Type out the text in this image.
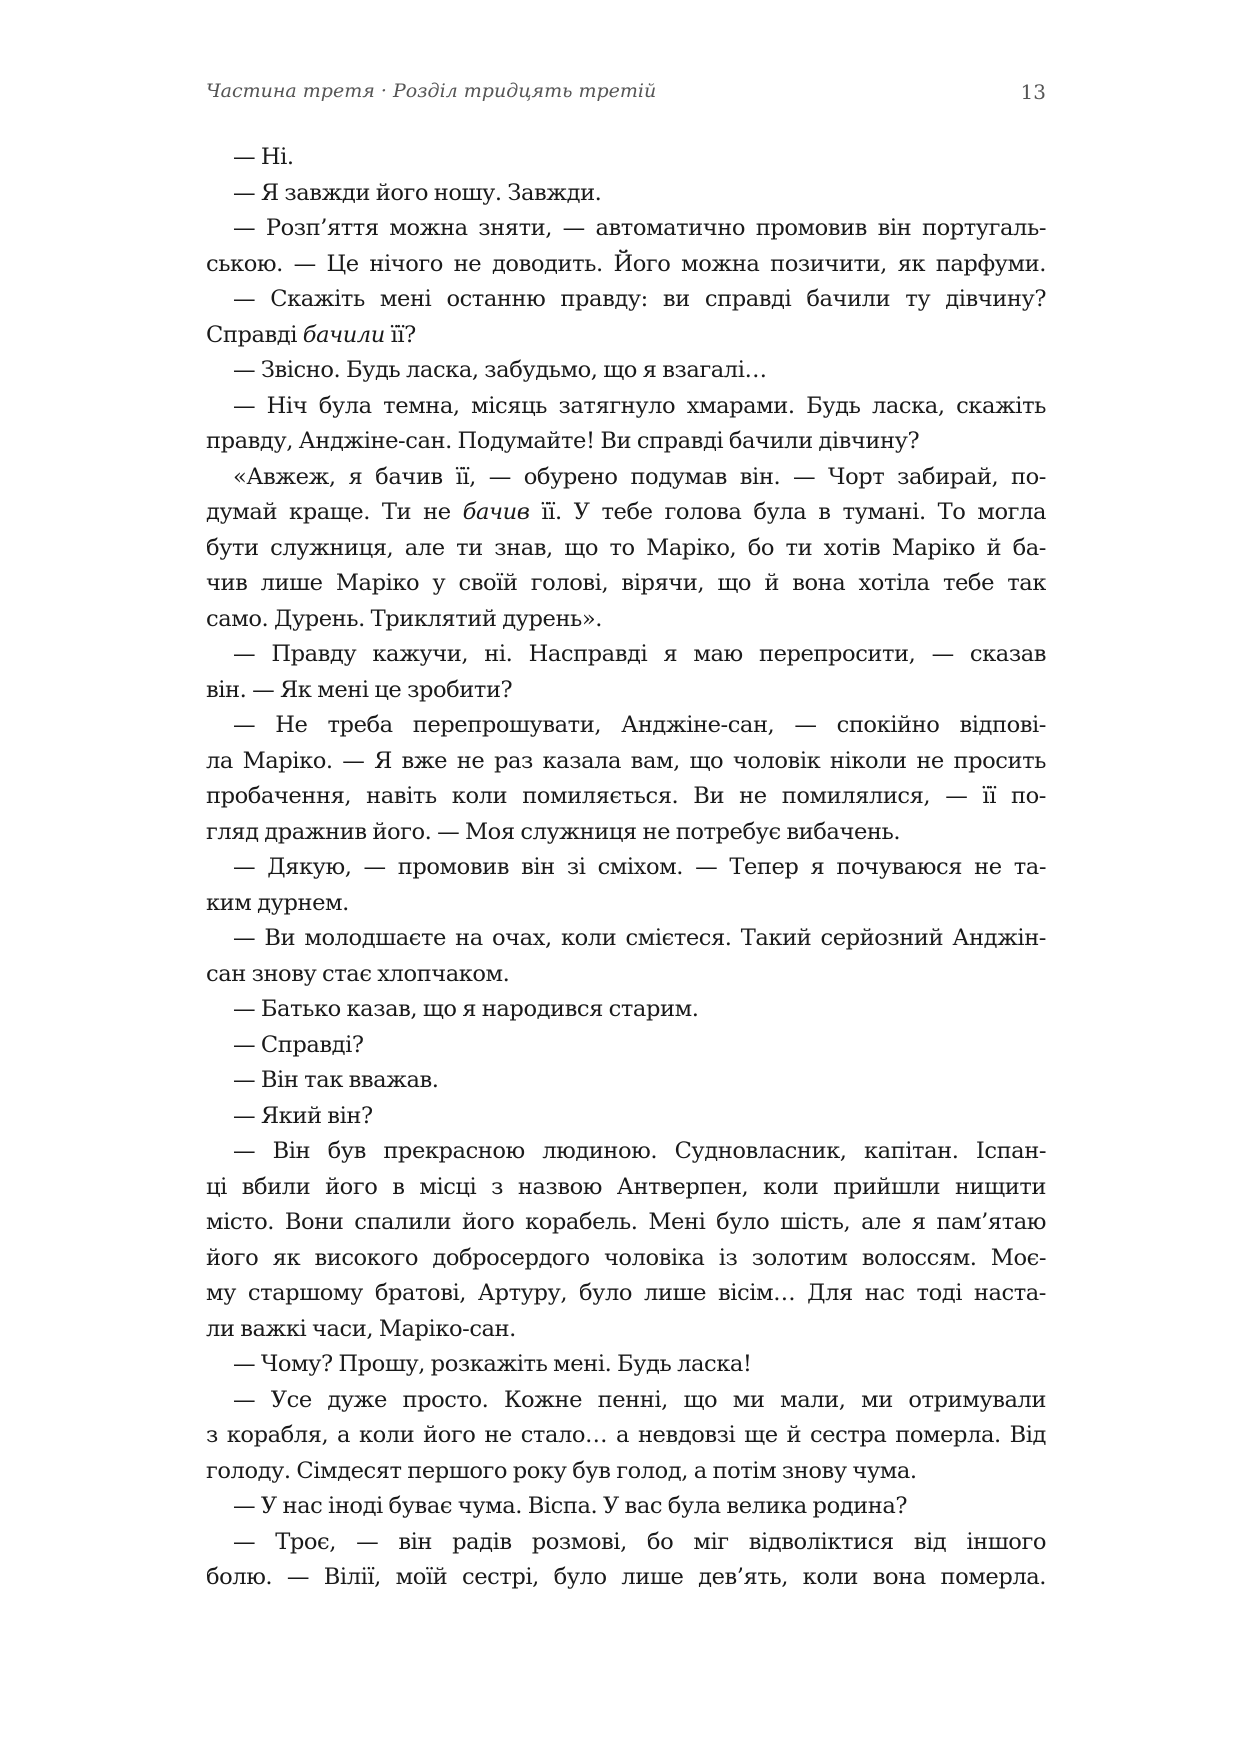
Частина третя · Розділ тридцять третій	13
— Ні.
— Я завжди його ношу. Завжди.
— Розп’яття можна зняти, — автоматично промовив він португаль-
ською. — Це нічого не доводить. Його можна позичити, як парфуми.
— Скажіть мені останню правду: ви справді бачили ту дівчину?
Справді бачили її?
— Звісно. Будь ласка, забудьмо, що я взагалі…
— Ніч була темна, місяць затягнуло хмарами. Будь ласка, скажіть
правду, Анджіне-сан. Подумайте! Ви справді бачили дівчину?
«Авжеж, я бачив її, — обурено подумав він. — Чорт забирай, по-
думай краще. Ти не бачив її. У тебе голова була в тумані. То могла
бути служниця, але ти знав, що то Маріко, бо ти хотів Маріко й ба-
чив лише Маріко у своїй голові, вірячи, що й вона хотіла тебе так
само. Дурень. Триклятий дурень».
— Правду кажучи, ні. Насправді я маю перепросити, — сказав
він. — Як мені це зробити?
— Не треба перепрошувати, Анджіне-сан, — спокійно відпові-
ла Маріко. — Я вже не раз казала вам, що чоловік ніколи не просить
пробачення, навіть коли помиляється. Ви не помилялися, — її по-
гляд дражнив його. — Моя служниця не потребує вибачень.
— Дякую, — промовив він зі сміхом. — Тепер я почуваюся не та-
ким дурнем.
— Ви молодшаєте на очах, коли смієтеся. Такий серйозний Анджін-
сан знову стає хлопчаком.
— Батько казав, що я народився старим.
— Справді?
— Він так вважав.
— Який він?
— Він був прекрасною людиною. Судновласник, капітан. Іспан-
ці вбили його в місці з назвою Антверпен, коли прийшли нищити
місто. Вони спалили його корабель. Мені було шість, але я пам’ятаю
його як високого добросердого чоловіка із золотим волоссям. Моє-
му старшому братові, Артуру, було лише вісім… Для нас тоді наста-
ли важкі часи, Маріко-сан.
— Чому? Прошу, розкажіть мені. Будь ласка!
— Усе дуже просто. Кожне пенні, що ми мали, ми отримували
з корабля, а коли його не стало… а невдовзі ще й сестра померла. Від
голоду. Сімдесят першого року був голод, а потім знову чума.
— У нас іноді буває чума. Віспа. У вас була велика родина?
— Троє, — він радів розмові, бо міг відволіктися від іншого
болю. — Вілії, моїй сестрі, було лише дев’ять, коли вона померла.
